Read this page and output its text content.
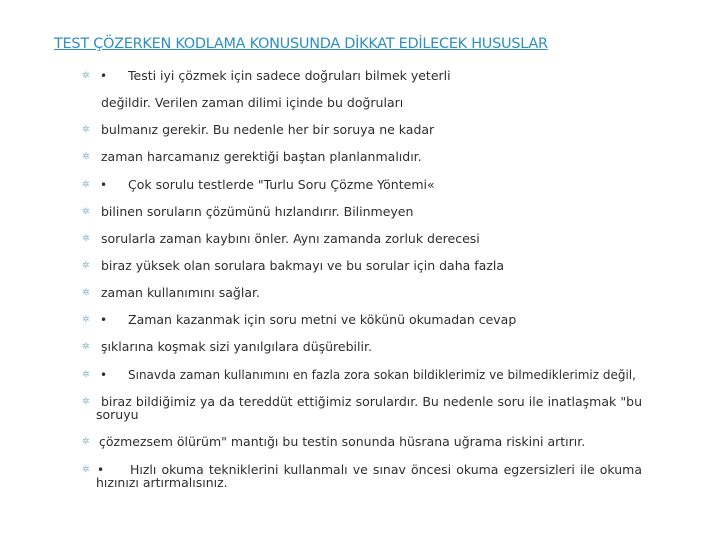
TEST ÇÖZERKEN KODLAMA KONUSUNDA DİKKAT EDİLECEK HUSUSLAR
✲ • Testi iyi çözmek için sadece doğruları bilmek yeterli
değildir. Verilen zaman dilimi içinde bu doğruları
✲ bulmanız gerekir. Bu nedenle her bir soruya ne kadar
✲ zaman harcamanız gerektiği baştan planlanmalıdır.
✲ • Çok sorulu testlerde "Turlu Soru Çözme Yöntemi«
✲ bilinen soruların çözümünü hızlandırır. Bilinmeyen
✲ sorularla zaman kaybını önler. Aynı zamanda zorluk derecesi
✲ biraz yüksek olan sorulara bakmayı ve bu sorular için daha fazla
✲ zaman kullanımını sağlar.
✲ • Zaman kazanmak için soru metni ve kökünü okumadan cevap
✲ şıklarına koşmak sizi yanılgılara düşürebilir.
✲ • Sınavda zaman kullanımını en fazla zora sokan bildiklerimiz ve bilmediklerimiz değil,
✲ biraz bildiğimiz ya da tereddüt ettiğimiz sorulardır. Bu nedenle soru ile inatlaşmak "bu
soruyu
✲ çözmezsem ölürüm" mantığı bu testin sonunda hüsrana uğrama riskini artırır.
✲ • Hızlı okuma tekniklerini kullanmalı ve sınav öncesi okuma egzersizleri ile okuma
hızınızı artırmalısınız.
